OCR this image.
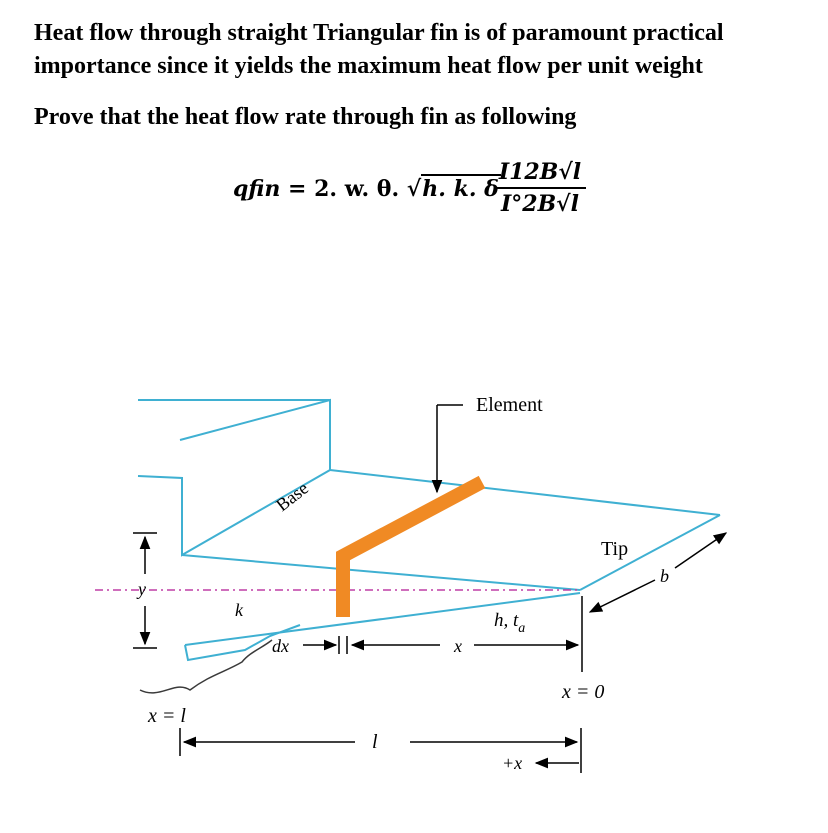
Heat flow through straight Triangular fin is of paramount practical importance since it yields the maximum heat flow per unit weight
Prove that the heat flow rate through fin as following
qfin = 2. w. θ. √h. k. δ
I12B√l
I°2B√l
Element
Base
Tip
b
y
k
dx	x
h, $t_a$
x = 0
x = l
l
+x
